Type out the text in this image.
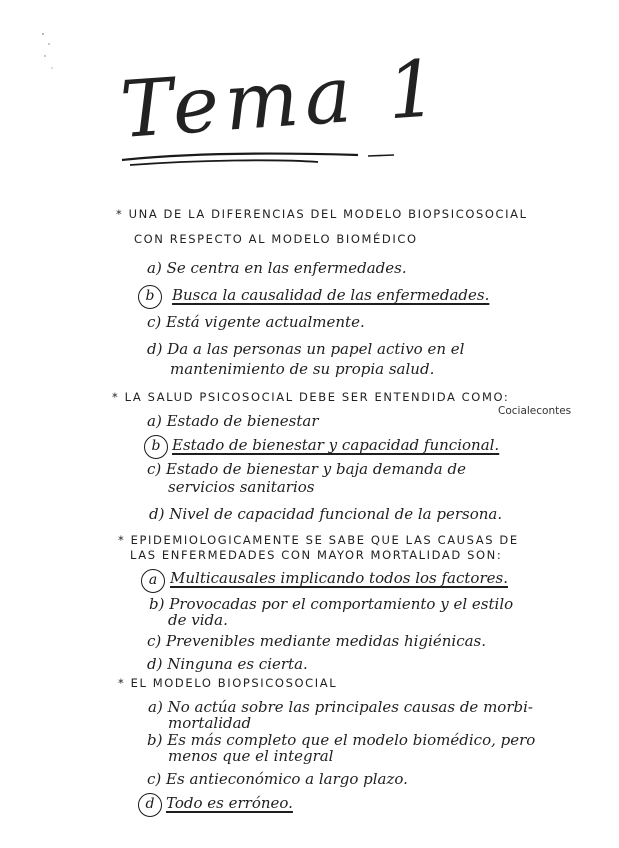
Tema 1
* UNA DE LA DIFERENCIAS DEL MODELO BIOPSICOSOCIAL
CON RESPECTO AL MODELO BIOMÉDICO
a) Se centra en las enfermedades.
b	Busca la causalidad de las enfermedades.
c) Está vigente actualmente.
d) Da a las personas un papel activo en el
mantenimiento de su propia salud.
* LA SALUD PSICOSOCIAL DEBE SER ENTENDIDA COMO:
Cocialecontes
a) Estado de bienestar
b Estado de bienestar y capacidad funcional.
c) Estado de bienestar y baja demanda de
servicios sanitarios
d) Nivel de capacidad funcional de la persona.
* EPIDEMIOLOGICAMENTE SE SABE QUE LAS CAUSAS DE
LAS ENFERMEDADES CON MAYOR MORTALIDAD SON:
a Multicausales implicando todos los factores.
b) Provocadas por el comportamiento y el estilo
de vida.
c) Prevenibles mediante medidas higiénicas.
d) Ninguna es cierta.
* EL MODELO BIOPSICOSOCIAL
a) No actúa sobre las principales causas de morbi-
mortalidad
b) Es más completo que el modelo biomédico, pero
menos que el integral
c) Es antieconómico a largo plazo.
d Todo es erróneo.
